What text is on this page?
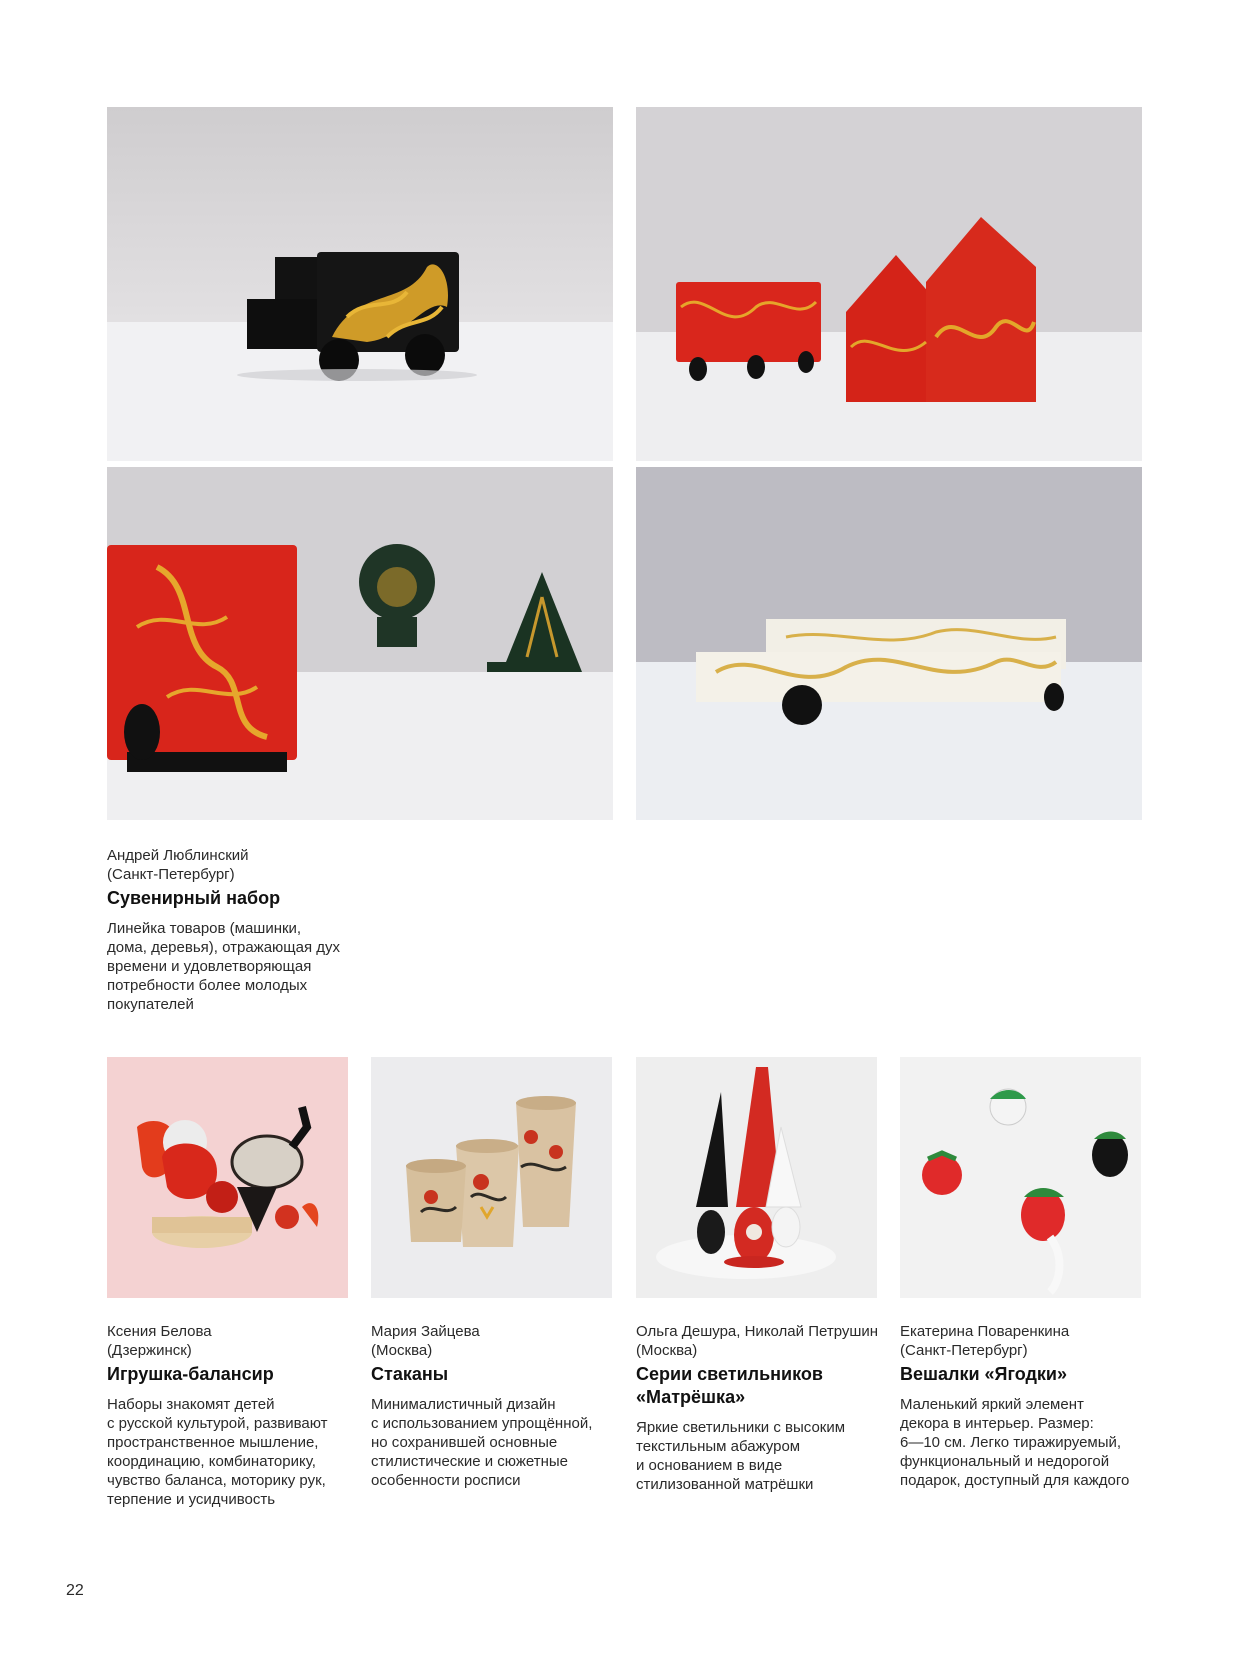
Андрей Люблинский
(Санкт-Петербург)
Сувенирный набор
Линейка товаров (машинки,
дома, деревья), отражающая дух
времени и удовлетворяющая
потребности более молодых
покупателей
Ксения Белова
(Дзержинск)
Игрушка-балансир
Наборы знакомят детей
с русской культурой, развивают
пространственное мышление,
координацию, комбинаторику,
чувство баланса, моторику рук,
терпение и усидчивость
Мария Зайцева
(Москва)
Стаканы
Минималистичный дизайн
с использованием упрощённой,
но сохранившей основные
стилистические и сюжетные
особенности росписи
Ольга Дешура, Николай Петрушин
(Москва)
Серии светильников
«Матрёшка»
Яркие светильники с высоким
текстильным абажуром
и основанием в виде
стилизованной матрёшки
Екатерина Поваренкина
(Санкт-Петербург)
Вешалки «Ягодки»
Маленький яркий элемент
декора в интерьер. Размер:
6—10 см. Легко тиражируемый,
функциональный и недорогой
подарок, доступный для каждого
22
